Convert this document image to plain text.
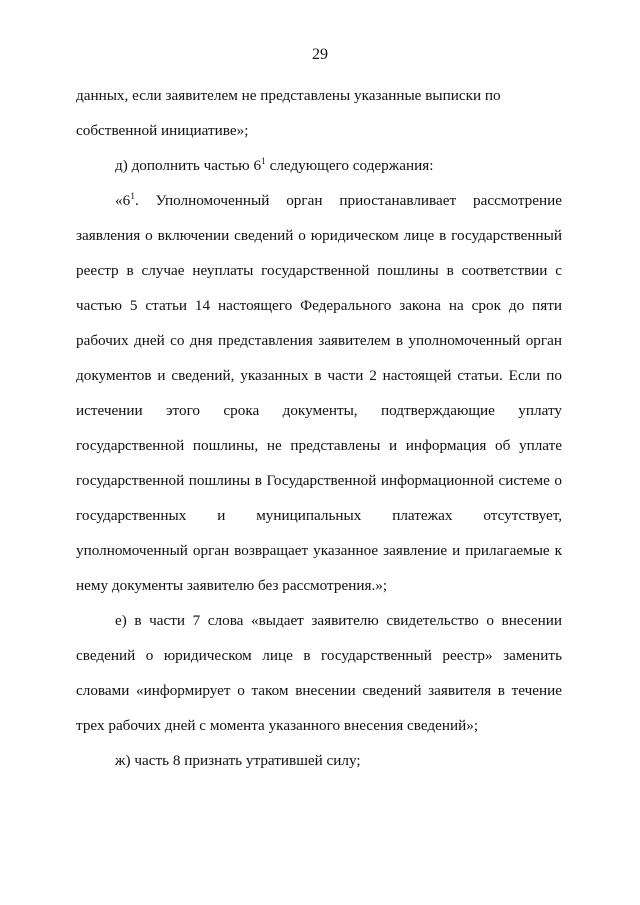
29
данных, если заявителем не представлены указанные выписки по
собственной инициативе»;
д) дополнить частью $6^1$ следующего содержания:
«$6^1$. Уполномоченный орган приостанавливает рассмотрение
заявления о включении сведений о юридическом лице в государственный
реестр в случае неуплаты государственной пошлины в соответствии с
частью 5 статьи 14 настоящего Федерального закона на срок до пяти
рабочих дней со дня представления заявителем в уполномоченный орган
документов и сведений, указанных в части 2 настоящей статьи. Если по
истечении этого срока документы, подтверждающие уплату
государственной пошлины, не представлены и информация об уплате
государственной пошлины в Государственной информационной системе о
государственных и муниципальных платежах отсутствует,
уполномоченный орган возвращает указанное заявление и прилагаемые к
нему документы заявителю без рассмотрения.»;
е) в части 7 слова «выдает заявителю свидетельство о внесении
сведений о юридическом лице в государственный реестр» заменить
словами «информирует о таком внесении сведений заявителя в течение
трех рабочих дней с момента указанного внесения сведений»;
ж) часть 8 признать утратившей силу;
